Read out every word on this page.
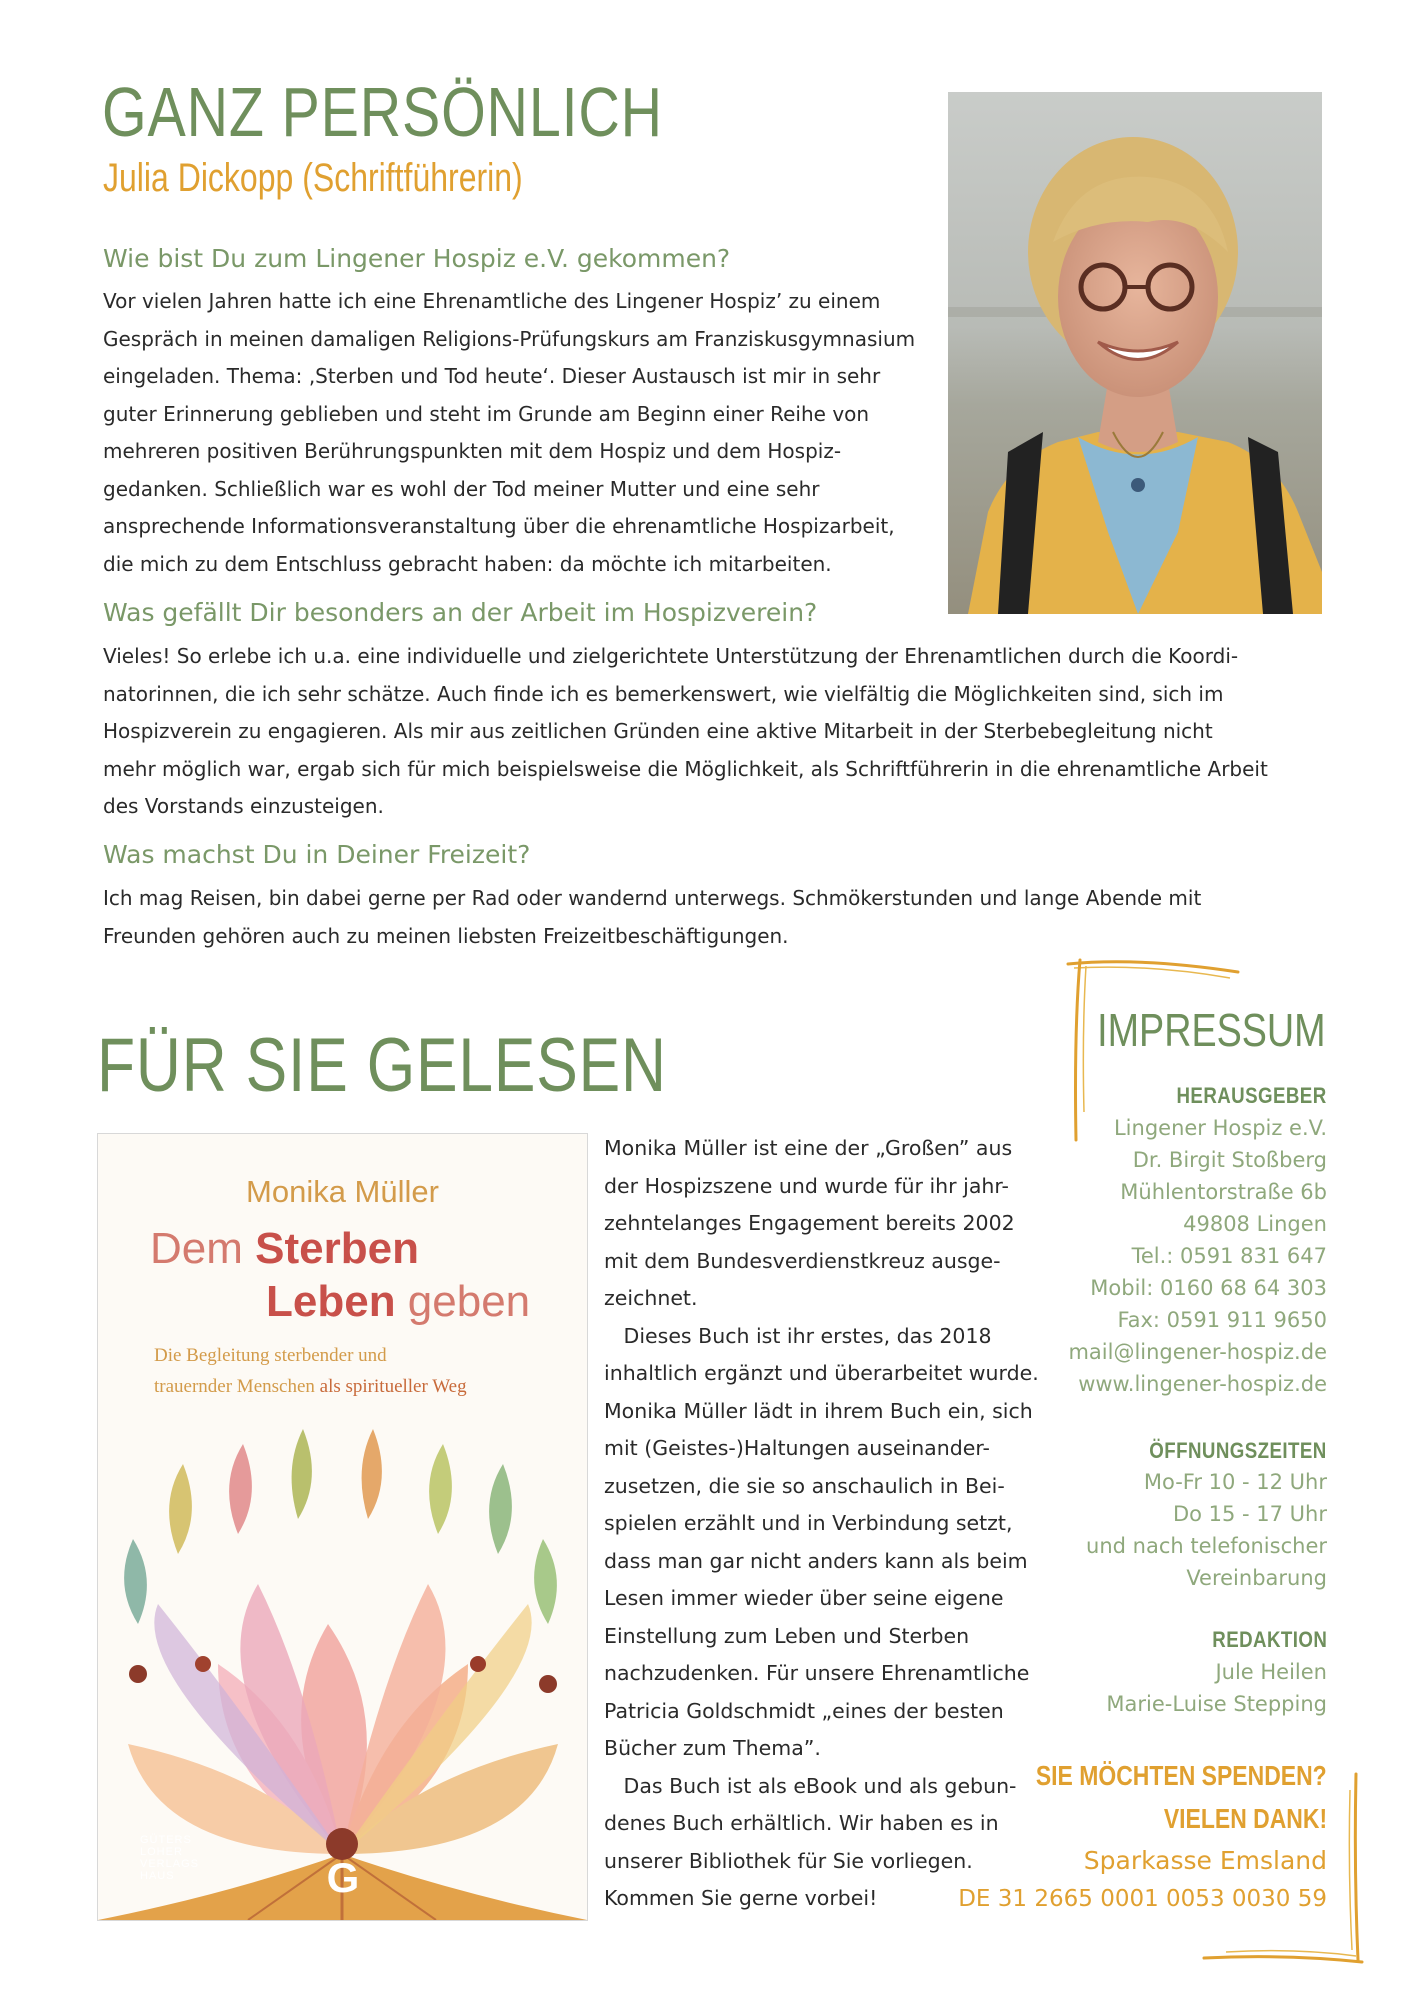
GANZ PERSÖNLICH
Julia Dickopp (Schriftführerin)
Wie bist Du zum Lingener Hospiz e.V. gekommen?

Vor vielen Jahren hatte ich eine Ehrenamtliche des Lingener Hospiz’ zu einem

Gespräch in meinen damaligen Religions-Prüfungskurs am Franziskusgymnasium

eingeladen. Thema: ‚Sterben und Tod heute‘. Dieser Austausch ist mir in sehr

guter Erinnerung geblieben und steht im Grunde am Beginn einer Reihe von

mehreren positiven Berührungspunkten mit dem Hospiz und dem Hospiz-

gedanken. Schließlich war es wohl der Tod meiner Mutter und eine sehr

ansprechende Informationsveranstaltung über die ehrenamtliche Hospizarbeit,

die mich zu dem Entschluss gebracht haben: da möchte ich mitarbeiten.

Was gefällt Dir besonders an der Arbeit im Hospizverein?

Vieles! So erlebe ich u.a. eine individuelle und zielgerichtete Unterstützung der Ehrenamtlichen durch die Koordi-

natorinnen, die ich sehr schätze. Auch finde ich es bemerkenswert, wie vielfältig die Möglichkeiten sind, sich im

Hospizverein zu engagieren. Als mir aus zeitlichen Gründen eine aktive Mitarbeit in der Sterbebegleitung nicht

mehr möglich war, ergab sich für mich beispielsweise die Möglichkeit, als Schriftführerin in die ehrenamtliche Arbeit

des Vorstands einzusteigen.

Was machst Du in Deiner Freizeit?

Ich mag Reisen, bin dabei gerne per Rad oder wandernd unterwegs. Schmökerstunden und lange Abende mit

Freunden gehören auch zu meinen liebsten Freizeitbeschäftigungen.

FÜR SIE GELESEN
Monika Müller
Dem Sterben
Leben geben
Die Begleitung sterbender und
trauernder Menschen als spiritueller Weg
GÜTERS
LOHER
VERLAGS
HAUS	G

Monika Müller ist eine der „Großen” aus

der Hospizszene und wurde für ihr jahr-

zehntelanges Engagement bereits 2002

mit dem Bundesverdienstkreuz ausge-

zeichnet.

Dieses Buch ist ihr erstes, das 2018

inhaltlich ergänzt und überarbeitet wurde.

Monika Müller lädt in ihrem Buch ein, sich

mit (Geistes-)Haltungen auseinander-

zusetzen, die sie so anschaulich in Bei-

spielen erzählt und in Verbindung setzt,

dass man gar nicht anders kann als beim

Lesen immer wieder über seine eigene

Einstellung zum Leben und Sterben

nachzudenken. Für unsere Ehrenamtliche

Patricia Goldschmidt „eines der besten

Bücher zum Thema”.

Das Buch ist als eBook und als gebun-

denes Buch erhältlich. Wir haben es in

unserer Bibliothek für Sie vorliegen.

Kommen Sie gerne vorbei!

IMPRESSUM
HERAUSGEBER
Lingener Hospiz e.V.
Dr. Birgit Stoßberg
Mühlentorstraße 6b
49808 Lingen
Tel.: 0591 831 647
Mobil: 0160 68 64 303
Fax: 0591 911 9650
mail@lingener-hospiz.de
www.lingener-hospiz.de
ÖFFNUNGSZEITEN
Mo-Fr 10 - 12 Uhr
Do 15 - 17 Uhr
und nach telefonischer
Vereinbarung
REDAKTION
Jule Heilen
Marie-Luise Stepping
SIE MÖCHTEN SPENDEN?
VIELEN DANK!
Sparkasse Emsland
DE 31 2665 0001 0053 0030 59
